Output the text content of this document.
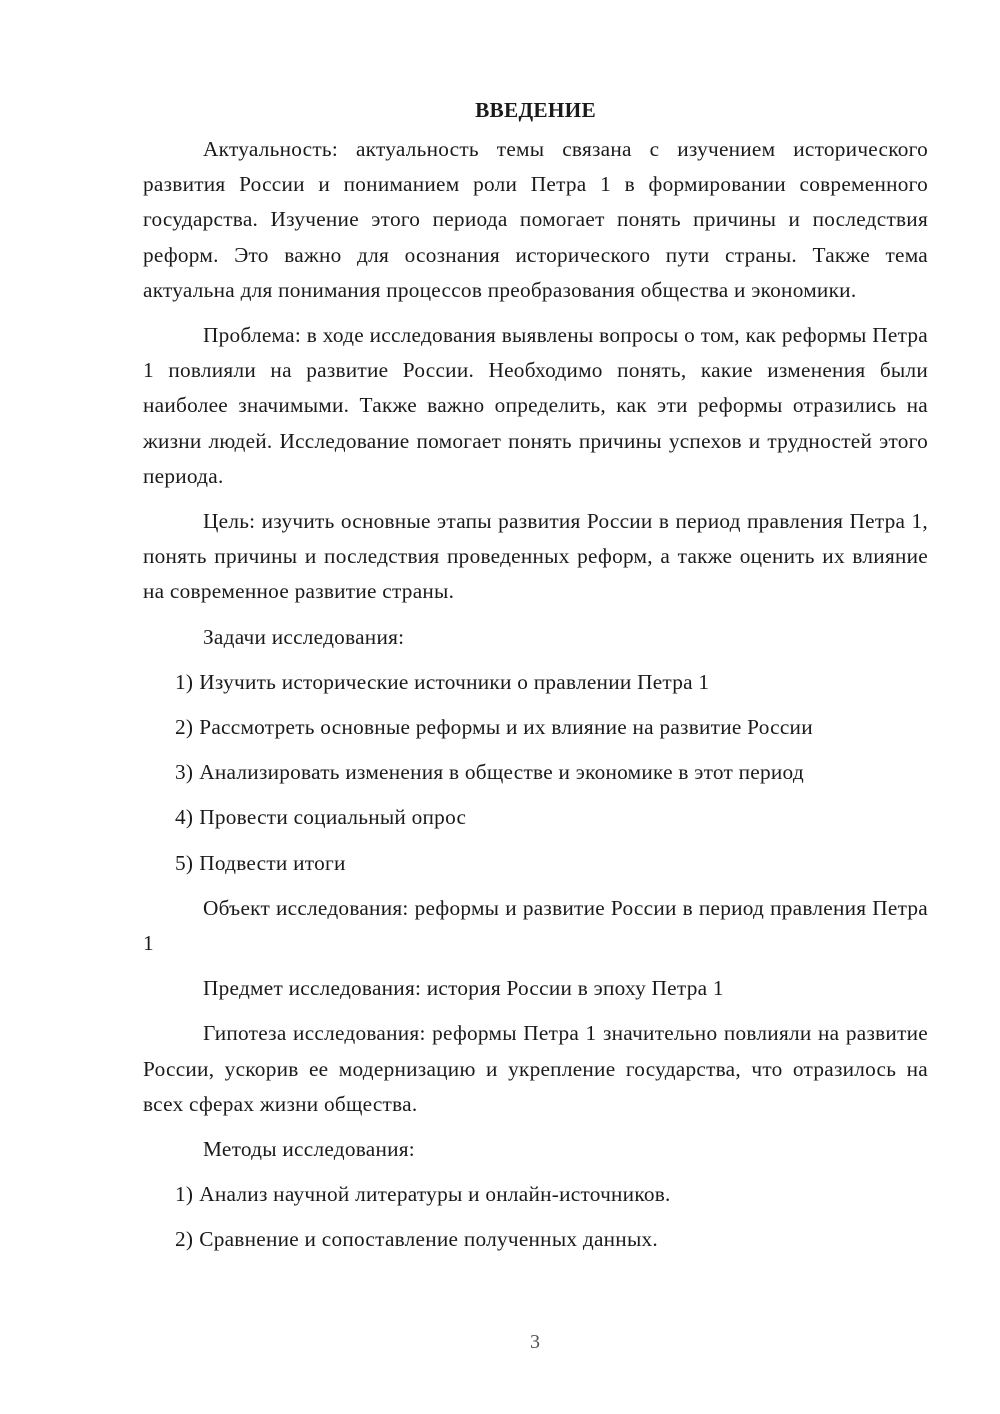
ВВЕДЕНИЕ

Актуальность: актуальность темы связана с изучением исторического развития России и пониманием роли Петра 1 в формировании современного государства. Изучение этого периода помогает понять причины и последствия реформ. Это важно для осознания исторического пути страны. Также тема актуальна для понимания процессов преобразования общества и экономики.

Проблема: в ходе исследования выявлены вопросы о том, как реформы Петра 1 повлияли на развитие России. Необходимо понять, какие изменения были наиболее значимыми. Также важно определить, как эти реформы отразились на жизни людей. Исследование помогает понять причины успехов и трудностей этого периода.

Цель: изучить основные этапы развития России в период правления Петра 1, понять причины и последствия проведенных реформ, а также оценить их влияние на современное развитие страны.

Задачи исследования:

1) Изучить исторические источники о правлении Петра 1
2) Рассмотреть основные реформы и их влияние на развитие России
3) Анализировать изменения в обществе и экономике в этот период
4) Провести социальный опрос
5) Подвести итоги

Объект исследования: реформы и развитие России в период правления Петра 1

Предмет исследования: история России в эпоху Петра 1

Гипотеза исследования: реформы Петра 1 значительно повлияли на развитие России, ускорив ее модернизацию и укрепление государства, что отразилось на всех сферах жизни общества.

Методы исследования:

1) Анализ научной литературы и онлайн-источников.
2) Сравнение и сопоставление полученных данных.
3
